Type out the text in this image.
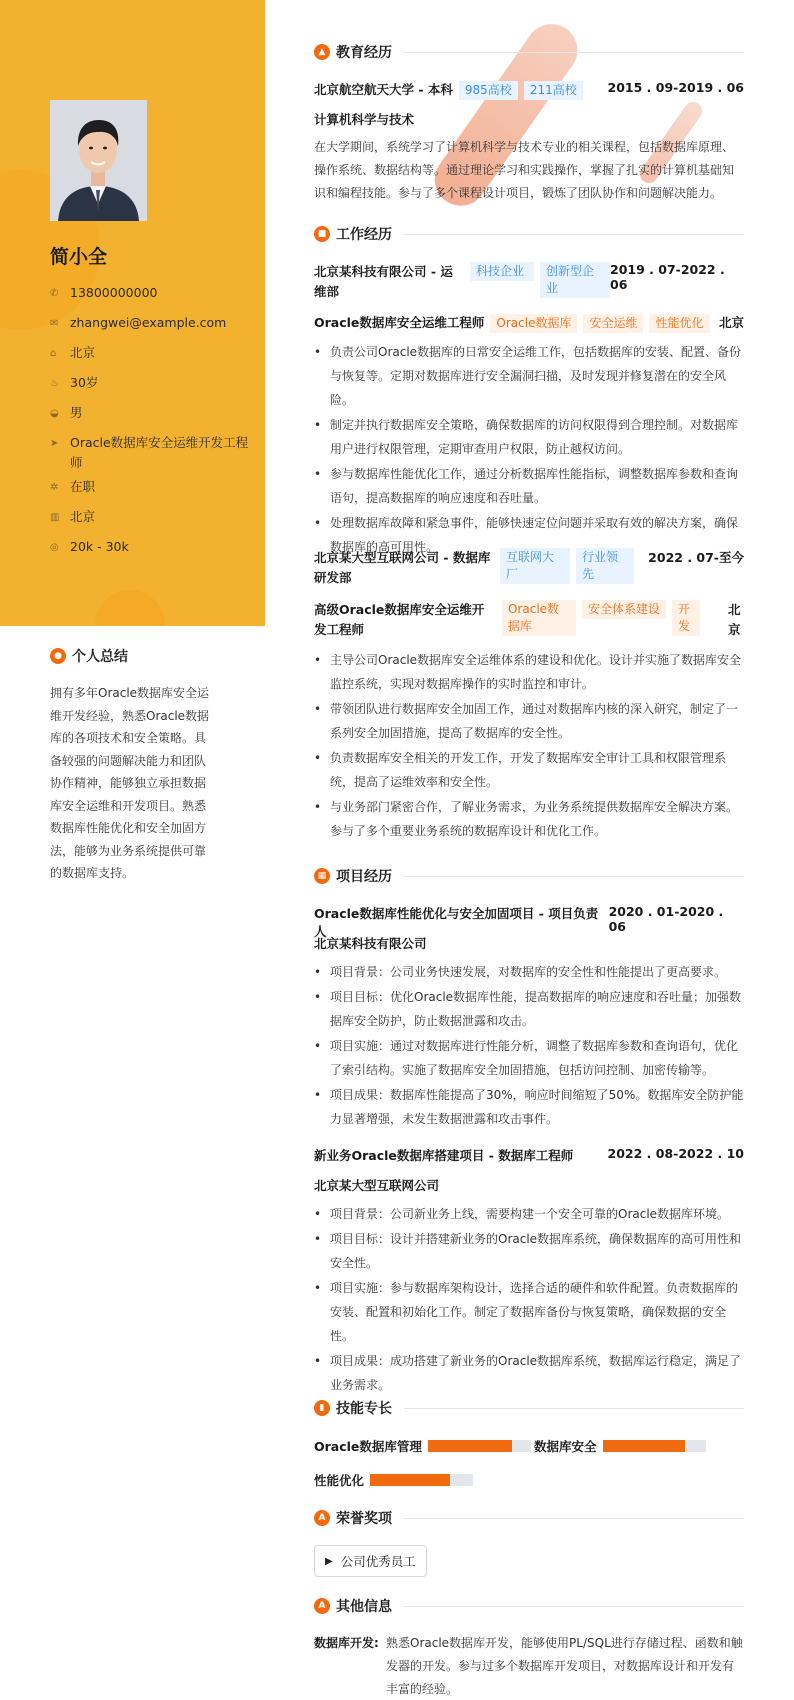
简小全
✆ 13800000000
✉ zhangwei@example.com
⌂	北京
♨ 30岁
◒ 男
➤ Oracle数据库安全运维开发工程师
✲ 在职
▥ 北京
◎ 20k - 30k
● 个人总结
拥有多年Oracle数据库安全运维开发经验，熟悉Oracle数据库的各项技术和安全策略。具备较强的问题解决能力和团队协作精神，能够独立承担数据库安全运维和开发项目。熟悉数据库性能优化和安全加固方法，能够为业务系统提供可靠的数据库支持。
▲ 教育经历
北京航空航天大学 - 本科 985高校 211高校	2015 . 09-2019 . 06
计算机科学与技术
在大学期间，系统学习了计算机科学与技术专业的相关课程，包括数据库原理、操作系统、数据结构等。通过理论学习和实践操作，掌握了扎实的计算机基础知识和编程技能。参与了多个课程设计项目，锻炼了团队协作和问题解决能力。
■ 工作经历
北京某科技有限公司 - 运维部
科技企业	创新型企业
2019 . 07-2022 . 06
Oracle数据库安全运维工程师 Oracle数据库 安全运维 性能优化	北京
• 负责公司Oracle数据库的日常安全运维工作，包括数据库的安装、配置、备份与恢复等。定期对数据库进行安全漏洞扫描，及时发现并修复潜在的安全风险。
• 制定并执行数据库安全策略，确保数据库的访问权限得到合理控制。对数据库用户进行权限管理，定期审查用户权限，防止越权访问。
• 参与数据库性能优化工作，通过分析数据库性能指标，调整数据库参数和查询语句，提高数据库的响应速度和吞吐量。
• 处理数据库故障和紧急事件，能够快速定位问题并采取有效的解决方案，确保数据库的高可用性。
北京某大型互联网公司 - 数据库研发部
互联网大厂
行业领先
2022 . 07-至今
高级Oracle数据库安全运维开发工程师
Oracle数据库
安全体系建设	开发
北京
• 主导公司Oracle数据库安全运维体系的建设和优化。设计并实施了数据库安全监控系统，实现对数据库操作的实时监控和审计。
• 带领团队进行数据库安全加固工作，通过对数据库内核的深入研究，制定了一系列安全加固措施，提高了数据库的安全性。
• 负责数据库安全相关的开发工作，开发了数据库安全审计工具和权限管理系统，提高了运维效率和安全性。
• 与业务部门紧密合作，了解业务需求，为业务系统提供数据库安全解决方案。参与了多个重要业务系统的数据库设计和优化工作。
▦ 项目经历
Oracle数据库性能优化与安全加固项目 - 项目负责人
2020 . 01-2020 . 06
北京某科技有限公司
• 项目背景：公司业务快速发展，对数据库的安全性和性能提出了更高要求。
• 项目目标：优化Oracle数据库性能，提高数据库的响应速度和吞吐量；加强数据库安全防护，防止数据泄露和攻击。
• 项目实施：通过对数据库进行性能分析，调整了数据库参数和查询语句，优化了索引结构。实施了数据库安全加固措施，包括访问控制、加密传输等。
• 项目成果：数据库性能提高了30%，响应时间缩短了50%。数据库安全防护能力显著增强，未发生数据泄露和攻击事件。
新业务Oracle数据库搭建项目 - 数据库工程师	2022 . 08-2022 . 10
北京某大型互联网公司
• 项目背景：公司新业务上线，需要构建一个安全可靠的Oracle数据库环境。
• 项目目标：设计并搭建新业务的Oracle数据库系统，确保数据库的高可用性和安全性。
• 项目实施：参与数据库架构设计，选择合适的硬件和软件配置。负责数据库的安装、配置和初始化工作。制定了数据库备份与恢复策略，确保数据的安全性。
• 项目成果：成功搭建了新业务的Oracle数据库系统，数据库运行稳定，满足了业务需求。
▮ 技能专长
Oracle数据库管理	数据库安全
性能优化
A 荣誉奖项
▶ 公司优秀员工
A 其他信息
数据库开发: 熟悉Oracle数据库开发，能够使用PL/SQL进行存储过程、函数和触发器的开发。参与过多个数据库开发项目，对数据库设计和开发有丰富的经验。
